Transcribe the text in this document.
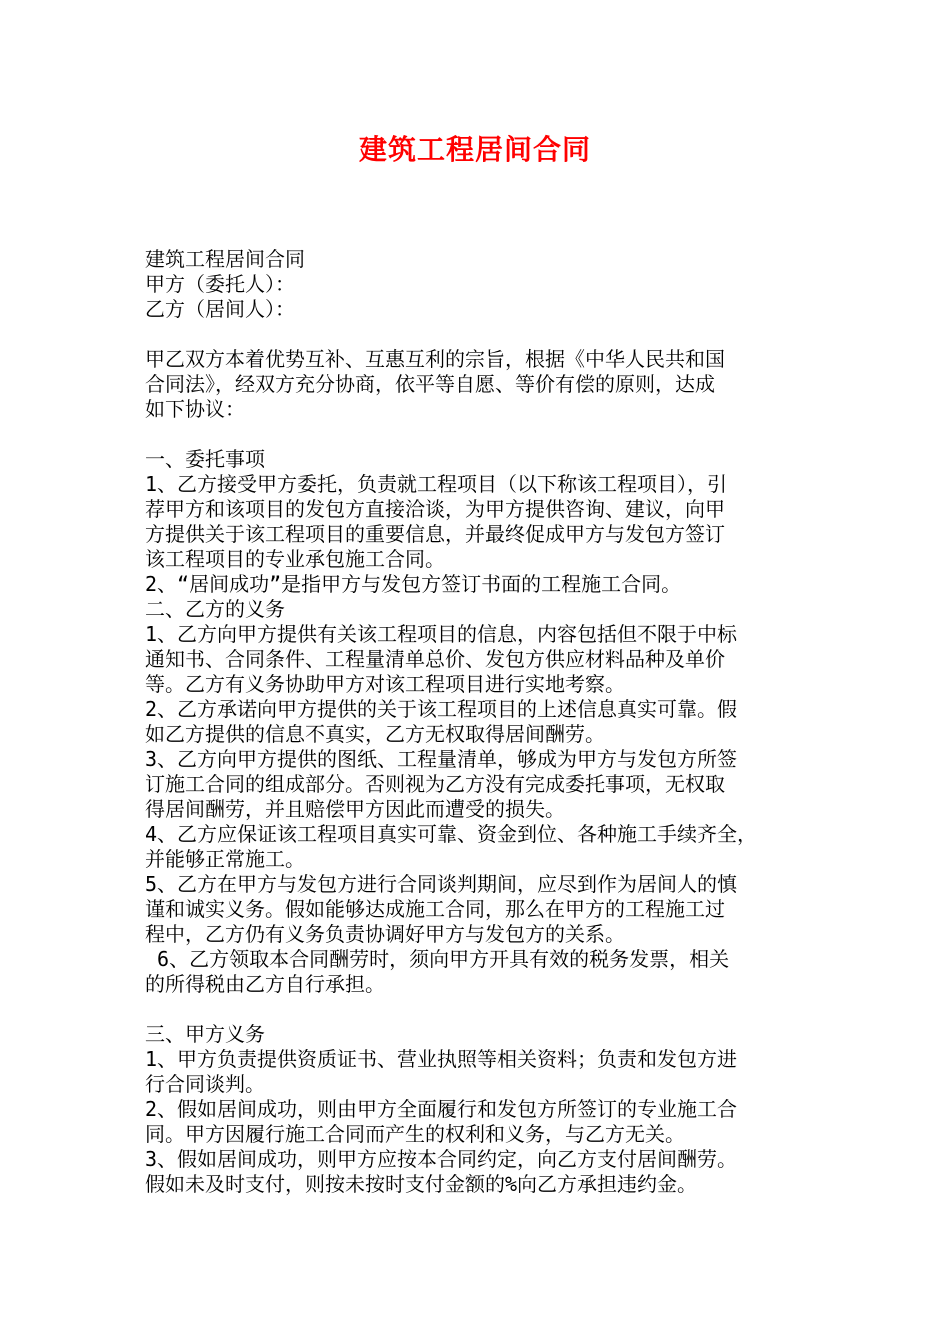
建筑工程居间合同
建筑工程居间合同
甲方（委托人）：
乙方（居间人）：
甲乙双方本着优势互补、互惠互利的宗旨，根据《中华人民共和国
合同法》，经双方充分协商，依平等自愿、等价有偿的原则，达成
如下协议：
一、委托事项
1、乙方接受甲方委托，负责就工程项目（以下称该工程项目），引
荐甲方和该项目的发包方直接洽谈，为甲方提供咨询、建议，向甲
方提供关于该工程项目的重要信息，并最终促成甲方与发包方签订
该工程项目的专业承包施工合同。
2、“居间成功”是指甲方与发包方签订书面的工程施工合同。
二、乙方的义务
1、乙方向甲方提供有关该工程项目的信息，内容包括但不限于中标
通知书、合同条件、工程量清单总价、发包方供应材料品种及单价
等。乙方有义务协助甲方对该工程项目进行实地考察。
2、乙方承诺向甲方提供的关于该工程项目的上述信息真实可靠。假
如乙方提供的信息不真实，乙方无权取得居间酬劳。
3、乙方向甲方提供的图纸、工程量清单，够成为甲方与发包方所签
订施工合同的组成部分。否则视为乙方没有完成委托事项，无权取
得居间酬劳，并且赔偿甲方因此而遭受的损失。
4、乙方应保证该工程项目真实可靠、资金到位、各种施工手续齐全，
并能够正常施工。
5、乙方在甲方与发包方进行合同谈判期间，应尽到作为居间人的慎
谨和诚实义务。假如能够达成施工合同，那么在甲方的工程施工过
程中，乙方仍有义务负责协调好甲方与发包方的关系。
6、乙方领取本合同酬劳时，须向甲方开具有效的税务发票，相关
的所得税由乙方自行承担。
三、甲方义务
1、甲方负责提供资质证书、营业执照等相关资料；负责和发包方进
行合同谈判。
2、假如居间成功，则由甲方全面履行和发包方所签订的专业施工合
同。甲方因履行施工合同而产生的权利和义务，与乙方无关。
3、假如居间成功，则甲方应按本合同约定，向乙方支付居间酬劳。
假如未及时支付，则按未按时支付金额的%向乙方承担违约金。
